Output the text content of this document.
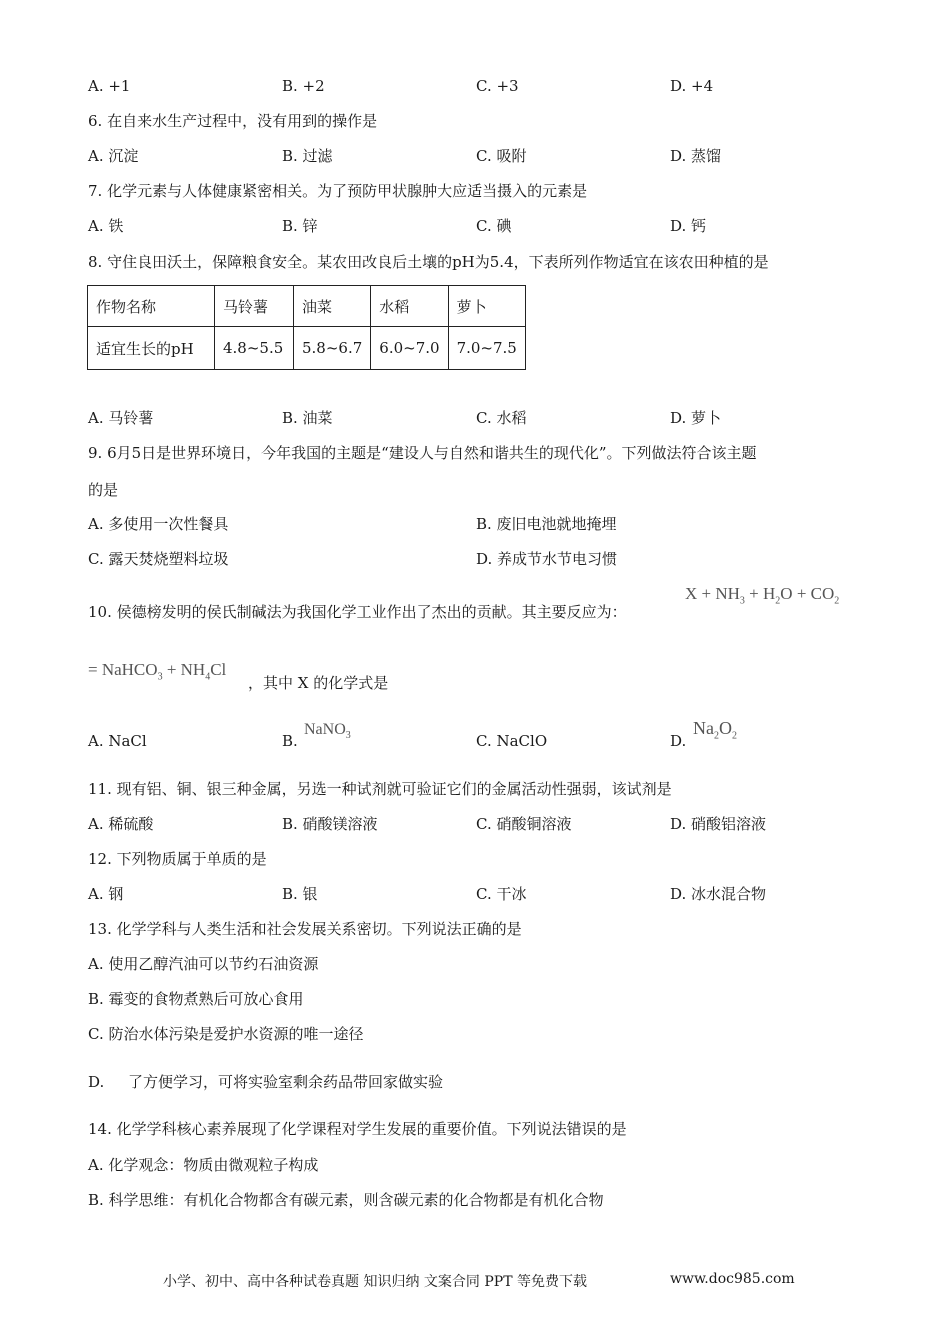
A. +1	B. +2	C. +3	D. +4
6. 在自来水生产过程中，没有用到的操作是
A. 沉淀	B. 过滤	C. 吸附	D. 蒸馏
7. 化学元素与人体健康紧密相关。为了预防甲状腺肿大应适当摄入的元素是
A. 铁	B. 锌	C. 碘	D. 钙
8. 守住良田沃土，保障粮食安全。某农田改良后土壤的pH为5.4，下表所列作物适宜在该农田种植的是
作物名称	马铃薯	油菜	水稻	萝卜
适宜生长的pH	4.8~5.5	5.8~6.7	6.0~7.0	7.0~7.5
A. 马铃薯	B. 油菜	C. 水稻	D. 萝卜
9. 6月5日是世界环境日，今年我国的主题是“建设人与自然和谐共生的现代化”。下列做法符合该主题
的是
A. 多使用一次性餐具	B. 废旧电池就地掩埋
C. 露天焚烧塑料垃圾	D. 养成节水节电习惯
10. 侯德榜发明的侯氏制碱法为我国化学工业作出了杰出的贡献。其主要反应为：
$X + NH_3 + H_2O + CO_2$
= NaHCO$_3$ + $NH_4Cl$
，其中 X 的化学式是
A. NaCl	B.
NaNO$_3$	C. NaClO	D.
$Na_2O_2$
11. 现有铝、铜、银三种金属，另选一种试剂就可验证它们的金属活动性强弱，该试剂是
A. 稀硫酸	B. 硝酸镁溶液	C. 硝酸铜溶液	D. 硝酸铝溶液
12. 下列物质属于单质的是
A. 钢	B. 银	C. 干冰	D. 冰水混合物
13. 化学学科与人类生活和社会发展关系密切。下列说法正确的是
A. 使用乙醇汽油可以节约石油资源
B. 霉变的食物煮熟后可放心食用
C. 防治水体污染是爱护水资源的唯一途径
D. 了方便学习，可将实验室剩余药品带回家做实验
14. 化学学科核心素养展现了化学课程对学生发展的重要价值。下列说法错误的是
A. 化学观念：物质由微观粒子构成
B. 科学思维：有机化合物都含有碳元素，则含碳元素的化合物都是有机化合物
小学、初中、高中各种试卷真题 知识归纳 文案合同 PPT 等免费下载	www.doc985.com
